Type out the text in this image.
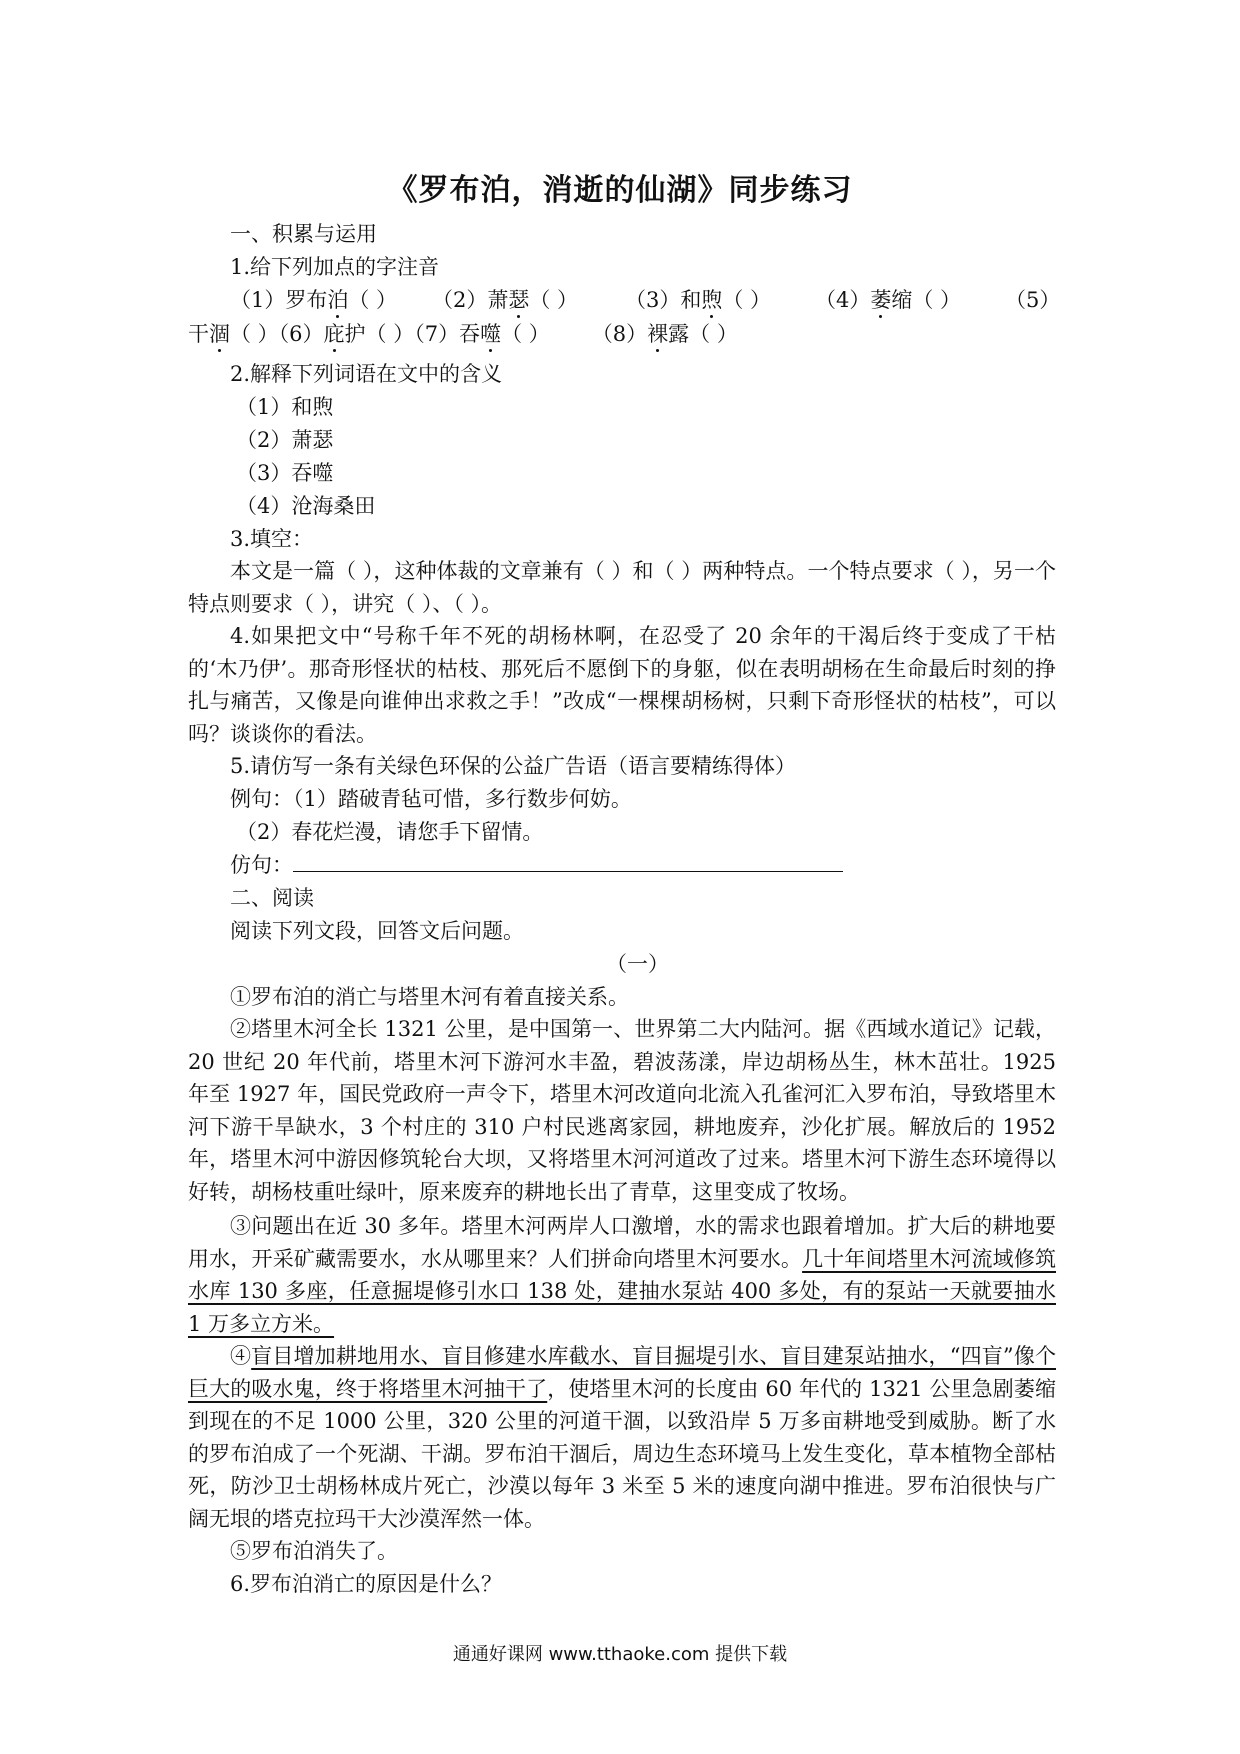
《罗布泊，消逝的仙湖》同步练习
一、积累与运用
1.给下列加点的字注音
（1）罗布泊（ ） （2）萧瑟（ ） （3）和煦（ ） （4）萎缩（ ） （5）
干涸（ ）（6）庇护（ ）（7）吞噬（ ） （8）裸露（ ）
2.解释下列词语在文中的含义
（1）和煦
（2）萧瑟
（3）吞噬
（4）沧海桑田
3.填空：
本文是一篇（ ），这种体裁的文章兼有（ ）和（ ）两种特点。一个特点要求（ ），另一个特点则要求（ ），讲究（ ）、（ ）。
4.如果把文中“号称千年不死的胡杨林啊，在忍受了 20 余年的干渴后终于变成了干枯的‘木乃伊’。那奇形怪状的枯枝、那死后不愿倒下的身躯，似在表明胡杨在生命最后时刻的挣扎与痛苦，又像是向谁伸出求救之手！”改成“一棵棵胡杨树，只剩下奇形怪状的枯枝”，可以吗？谈谈你的看法。
5.请仿写一条有关绿色环保的公益广告语（语言要精练得体）
例句：（1）踏破青毡可惜，多行数步何妨。
（2）春花烂漫，请您手下留情。
仿句：
二、阅读
阅读下列文段，回答文后问题。
（一）
①罗布泊的消亡与塔里木河有着直接关系。
②塔里木河全长 1321 公里，是中国第一、世界第二大内陆河。据《西域水道记》记载，20 世纪 20 年代前，塔里木河下游河水丰盈，碧波荡漾，岸边胡杨丛生，林木茁壮。1925 年至 1927 年，国民党政府一声令下，塔里木河改道向北流入孔雀河汇入罗布泊，导致塔里木河下游干旱缺水，3 个村庄的 310 户村民逃离家园，耕地废弃，沙化扩展。解放后的 1952 年，塔里木河中游因修筑轮台大坝，又将塔里木河河道改了过来。塔里木河下游生态环境得以好转，胡杨枝重吐绿叶，原来废弃的耕地长出了青草，这里变成了牧场。
③问题出在近 30 多年。塔里木河两岸人口激增，水的需求也跟着增加。扩大后的耕地要用水，开采矿藏需要水，水从哪里来？人们拼命向塔里木河要水。几十年间塔里木河流域修筑水库 130 多座，任意掘堤修引水口 138 处，建抽水泵站 400 多处，有的泵站一天就要抽水 1 万多立方米。
④盲目增加耕地用水、盲目修建水库截水、盲目掘堤引水、盲目建泵站抽水，“四盲”像个巨大的吸水鬼，终于将塔里木河抽干了，使塔里木河的长度由 60 年代的 1321 公里急剧萎缩到现在的不足 1000 公里，320 公里的河道干涸，以致沿岸 5 万多亩耕地受到威胁。断了水的罗布泊成了一个死湖、干湖。罗布泊干涸后，周边生态环境马上发生变化，草本植物全部枯死，防沙卫士胡杨林成片死亡，沙漠以每年 3 米至 5 米的速度向湖中推进。罗布泊很快与广阔无垠的塔克拉玛干大沙漠浑然一体。
⑤罗布泊消失了。
6.罗布泊消亡的原因是什么？
通通好课网 www.tthaoke.com 提供下载
